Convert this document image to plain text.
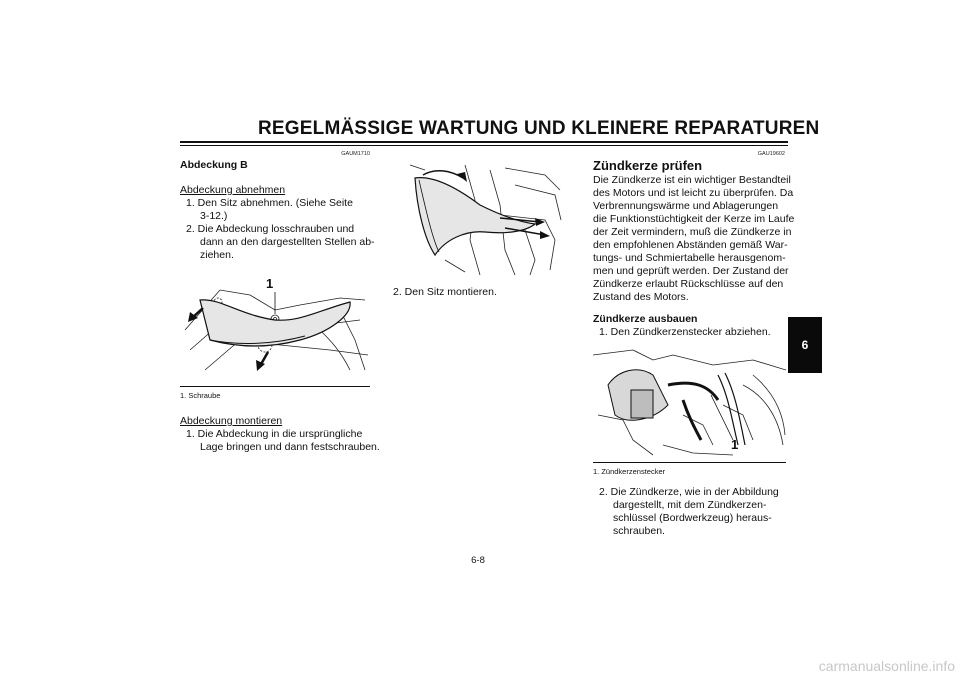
REGELMÄSSIGE WARTUNG UND KLEINERE REPARATUREN
6
GAUM1710
Abdeckung B
Abdeckung abnehmen
1. Den Sitz abnehmen. (Siehe Seite
3-12.)
2. Die Abdeckung losschrauben und
dann an den dargestellten Stellen ab-
ziehen.
1
1. Schraube
Abdeckung montieren
1. Die Abdeckung in die ursprüngliche
Lage bringen und dann festschrauben.
2. Den Sitz montieren.
GAU19602
Zündkerze prüfen
Die Zündkerze ist ein wichtiger Bestandteil
des Motors und ist leicht zu überprüfen. Da
Verbrennungswärme und Ablagerungen
die Funktionstüchtigkeit der Kerze im Laufe
der Zeit vermindern, muß die Zündkerze in
den empfohlenen Abständen gemäß War-
tungs- und Schmiertabelle herausgenom-
men und geprüft werden. Der Zustand der
Zündkerze erlaubt Rückschlüsse auf den
Zustand des Motors.
Zündkerze ausbauen
1. Den Zündkerzenstecker abziehen.
1
1. Zündkerzenstecker
2. Die Zündkerze, wie in der Abbildung
dargestellt, mit dem Zündkerzen-
schlüssel (Bordwerkzeug) heraus-
schrauben.
6-8
carmanualsonline.info
